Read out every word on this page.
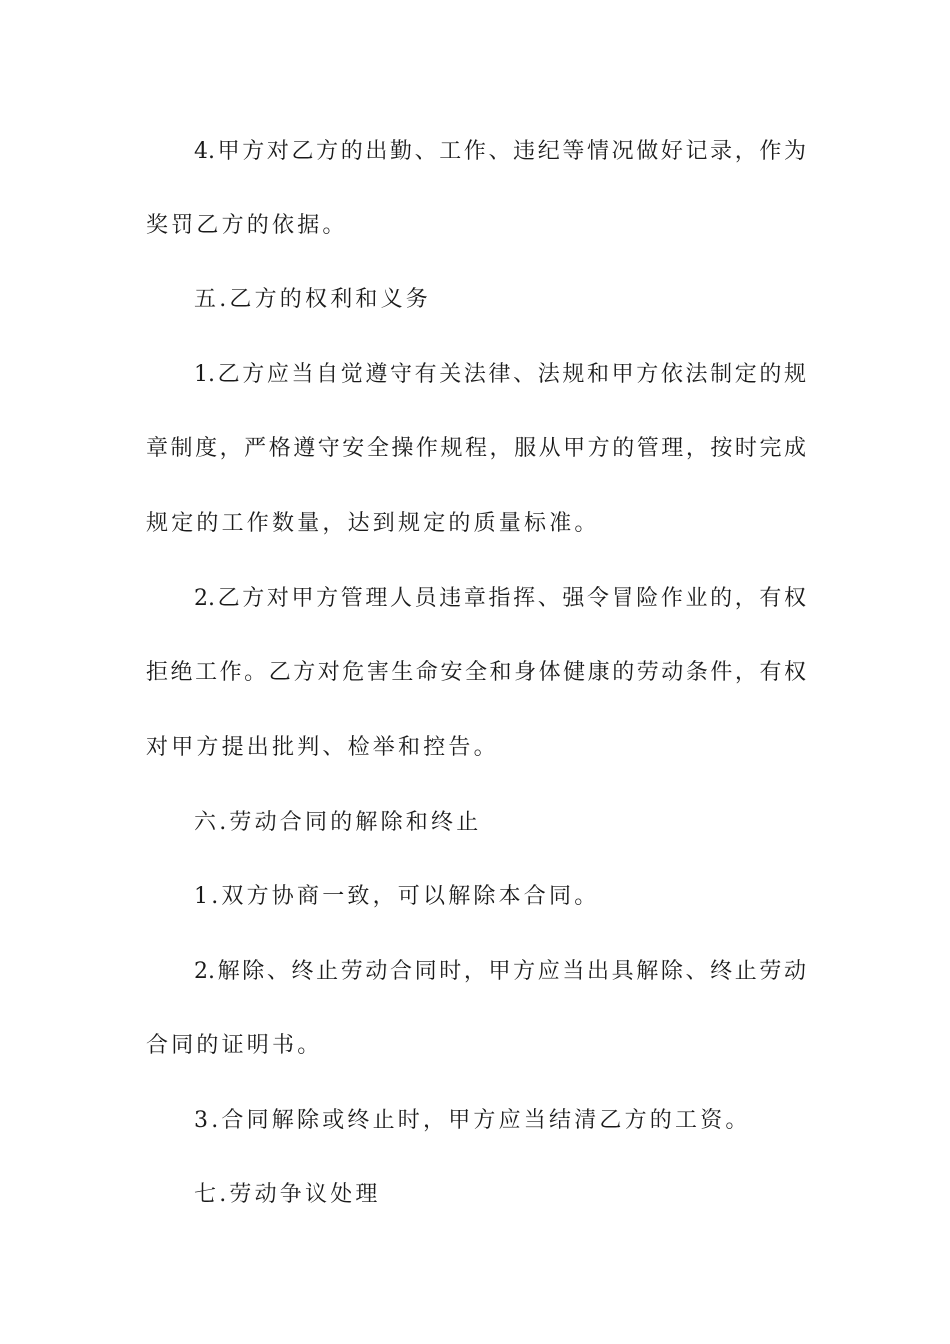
4.甲方对乙方的出勤、工作、违纪等情况做好记录，作为
奖罚乙方的依据。
五.乙方的权利和义务
1.乙方应当自觉遵守有关法律、法规和甲方依法制定的规
章制度，严格遵守安全操作规程，服从甲方的管理，按时完成
规定的工作数量，达到规定的质量标准。
2.乙方对甲方管理人员违章指挥、强令冒险作业的，有权
拒绝工作。乙方对危害生命安全和身体健康的劳动条件，有权
对甲方提出批判、检举和控告。
六.劳动合同的解除和终止
1.双方协商一致，可以解除本合同。
2.解除、终止劳动合同时，甲方应当出具解除、终止劳动
合同的证明书。
3.合同解除或终止时，甲方应当结清乙方的工资。
七.劳动争议处理
